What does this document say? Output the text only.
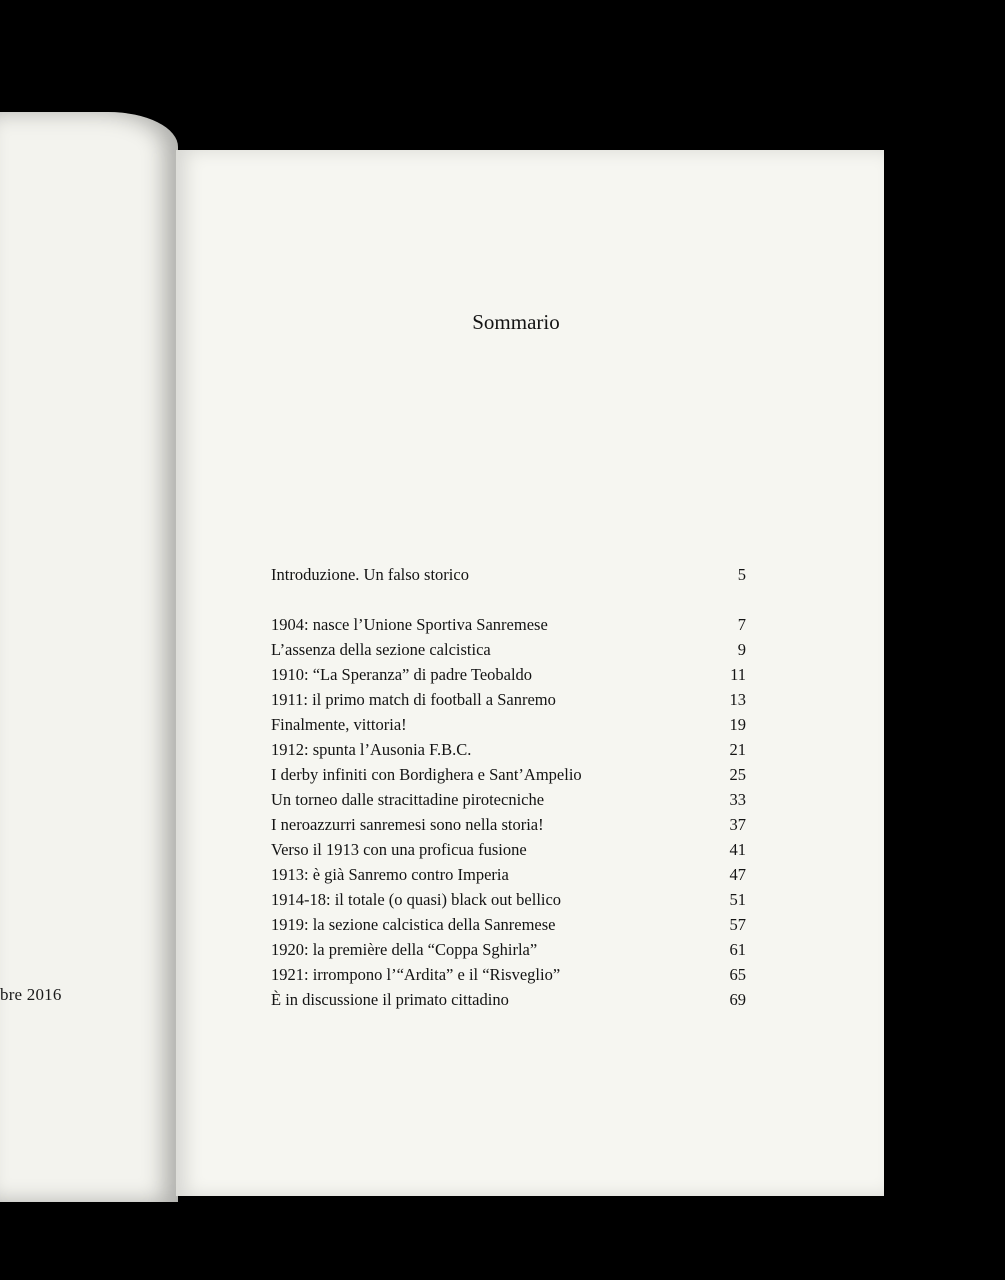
bre 2016
Sommario
Introduzione. Un falso storico	5
1904: nasce l’Unione Sportiva Sanremese	7
L’assenza della sezione calcistica	9
1910: “La Speranza” di padre Teobaldo	11
1911: il primo match di football a Sanremo	13
Finalmente, vittoria!	19
1912: spunta l’Ausonia F.B.C.	21
I derby infiniti con Bordighera e Sant’Ampelio	25
Un torneo dalle stracittadine pirotecniche	33
I neroazzurri sanremesi sono nella storia!	37
Verso il 1913 con una proficua fusione	41
1913: è già Sanremo contro Imperia	47
1914-18: il totale (o quasi) black out bellico	51
1919: la sezione calcistica della Sanremese	57
1920: la première della “Coppa Sghirla”	61
1921: irrompono l’“Ardita” e il “Risveglio”	65
È in discussione il primato cittadino	69
